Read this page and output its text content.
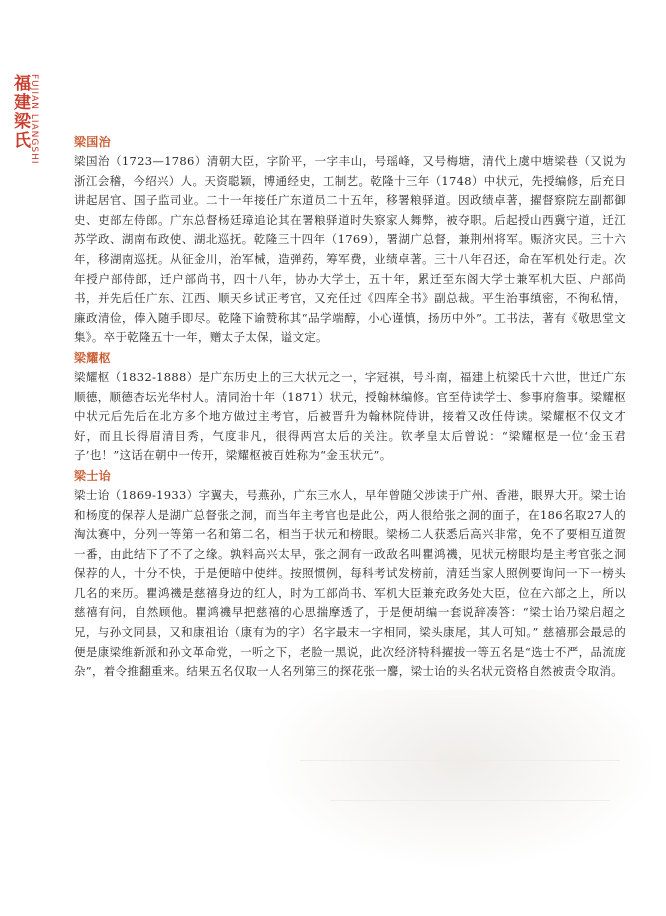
福建梁氏 FUJIAN LIANGSHI	梁国治

梁国治（1723—1786）清朝大臣，字阶平，一字丰山，号瑶峰，又号梅塘，清代上虞中塘梁巷（又说为浙江会稽，今绍兴）人。天资聪颖，博通经史，工制艺。乾隆十三年（1748）中状元，先授编修，后充日讲起居官、国子监司业。二十一年接任广东道员二十五年，移署粮驿道。因政绩卓著，擢督察院左副都御史、吏部左侍郎。广东总督杨廷璋追论其在署粮驿道时失察家人舞弊，被夺职。后起授山西冀宁道，迁江苏学政、湖南布政使、湖北巡抚。乾隆三十四年（1769），署湖广总督，兼荆州将军。赈济灾民。三十六年，移湖南巡抚。从征金川，治军械，造弹药，筹军费，业绩卓著。三十八年召还，命在军机处行走。次年授户部侍郎，迁户部尚书，四十八年，协办大学士，五十年，累迁至东阁大学士兼军机大臣、户部尚书，并先后任广东、江西、顺天乡试正考官，又充任过《四库全书》副总裁。平生治事缜密，不徇私情，廉政清俭，俸入随手即尽。乾隆下谕赞称其“品学端醇，小心谨慎，扬历中外”。工书法，著有《敬思堂文集》。卒于乾隆五十一年，赠太子太保，谥文定。

梁耀枢

梁耀枢（1832-1888）是广东历史上的三大状元之一，字冠祺，号斗南，福建上杭梁氏十六世，世迁广东顺德，顺德杏坛光华村人。清同治十年（1871）状元，授翰林编修。官至侍读学士、参事府詹事。梁耀枢中状元后先后在北方多个地方做过主考官，后被晋升为翰林院侍讲，接着又改任侍读。梁耀枢不仅文才好，而且长得眉清目秀，气度非凡，很得两宫太后的关注。钦孝皇太后曾说：“梁耀枢是一位‘金玉君子’也！”这话在朝中一传开，梁耀枢被百姓称为“金玉状元”。

梁士诒

梁士诒（1869-1933）字翼夫，号燕孙，广东三水人，早年曾随父涉读于广州、香港，眼界大开。梁士诒和杨度的保荐人是湖广总督张之洞，而当年主考官也是此公，两人很给张之洞的面子，在186名取27人的淘汰赛中，分列一等第一名和第二名，相当于状元和榜眼。梁杨二人获悉后高兴非常，免不了要相互道贺一番，由此结下了不了之缘。孰料高兴太早，张之洞有一政敌名叫瞿鸿禨，见状元榜眼均是主考官张之洞保荐的人，十分不快，于是便暗中使绊。按照惯例，每科考试发榜前，清廷当家人照例要询问一下一榜头几名的来历。瞿鸿禨是慈禧身边的红人，时为工部尚书、军机大臣兼充政务处大臣，位在六部之上，所以慈禧有问，自然顾他。瞿鸿禨早把慈禧的心思揣摩透了，于是便胡编一套说辞凑答：“梁士诒乃梁启超之兄，与孙文同县，又和康祖诒（康有为的字）名字最末一字相同，梁头康尾，其人可知。” 慈禧那会最忌的便是康梁维新派和孙文革命党，一听之下，老脸一黑说，此次经济特科擢拔一等五名是“选士不严，品流庞杂”，着令推翻重来。结果五名仅取一人名列第三的探花张一麐，梁士诒的头名状元资格自然被责令取消。
